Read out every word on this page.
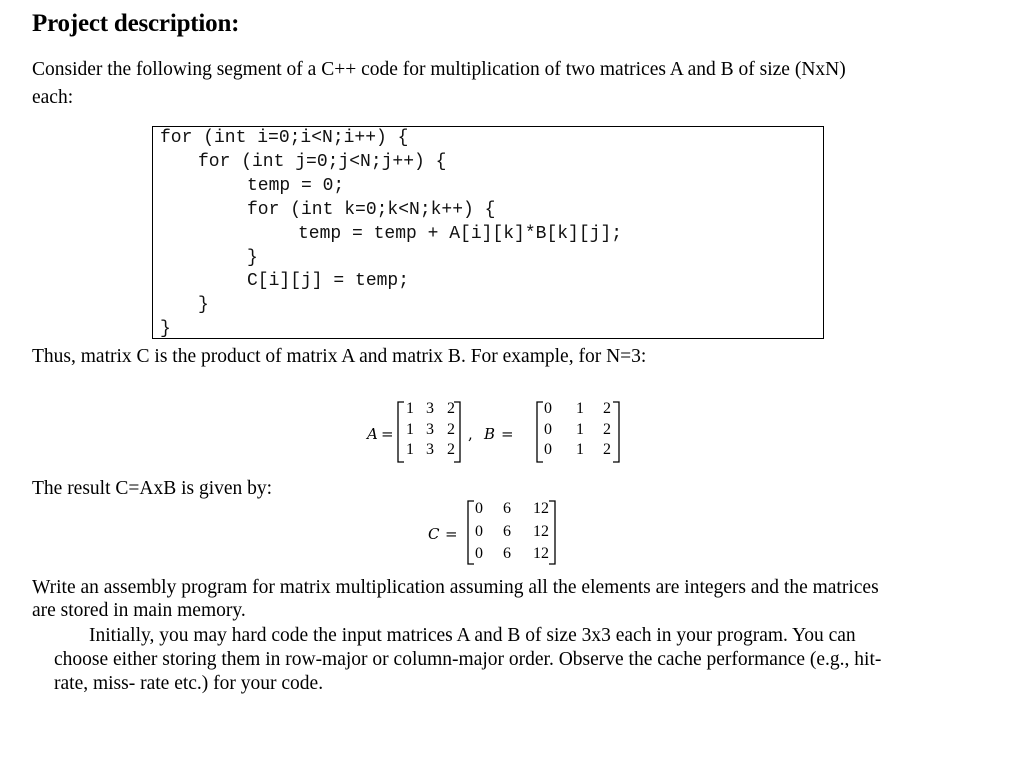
Project description:
Consider the following segment of a C++ code for multiplication of two matrices A and B of size (NxN)
each:
for (int i=0;i<N;i++) {
for (int j=0;j<N;j++) {
temp = 0;
for (int k=0;k<N;k++) {
temp = temp + A[i][k]*B[k][j];
}
C[i][j] = temp;
}
}
Thus, matrix C is the product of matrix A and matrix B. For example, for N=3:
A =
1 3 2
1 3 2
1 3 2
, B =
0	1	2
0	1	2
0	1	2
The result C=AxB is given by:
C =
0	6	12
0	6	12
0	6	12
Write an assembly program for matrix multiplication assuming all the elements are integers and the matrices
are stored in main memory.
Initially, you may hard code the input matrices A and B of size 3x3 each in your program. You can
choose either storing them in row-major or column-major order. Observe the cache performance (e.g., hit-
rate, miss- rate etc.) for your code.
